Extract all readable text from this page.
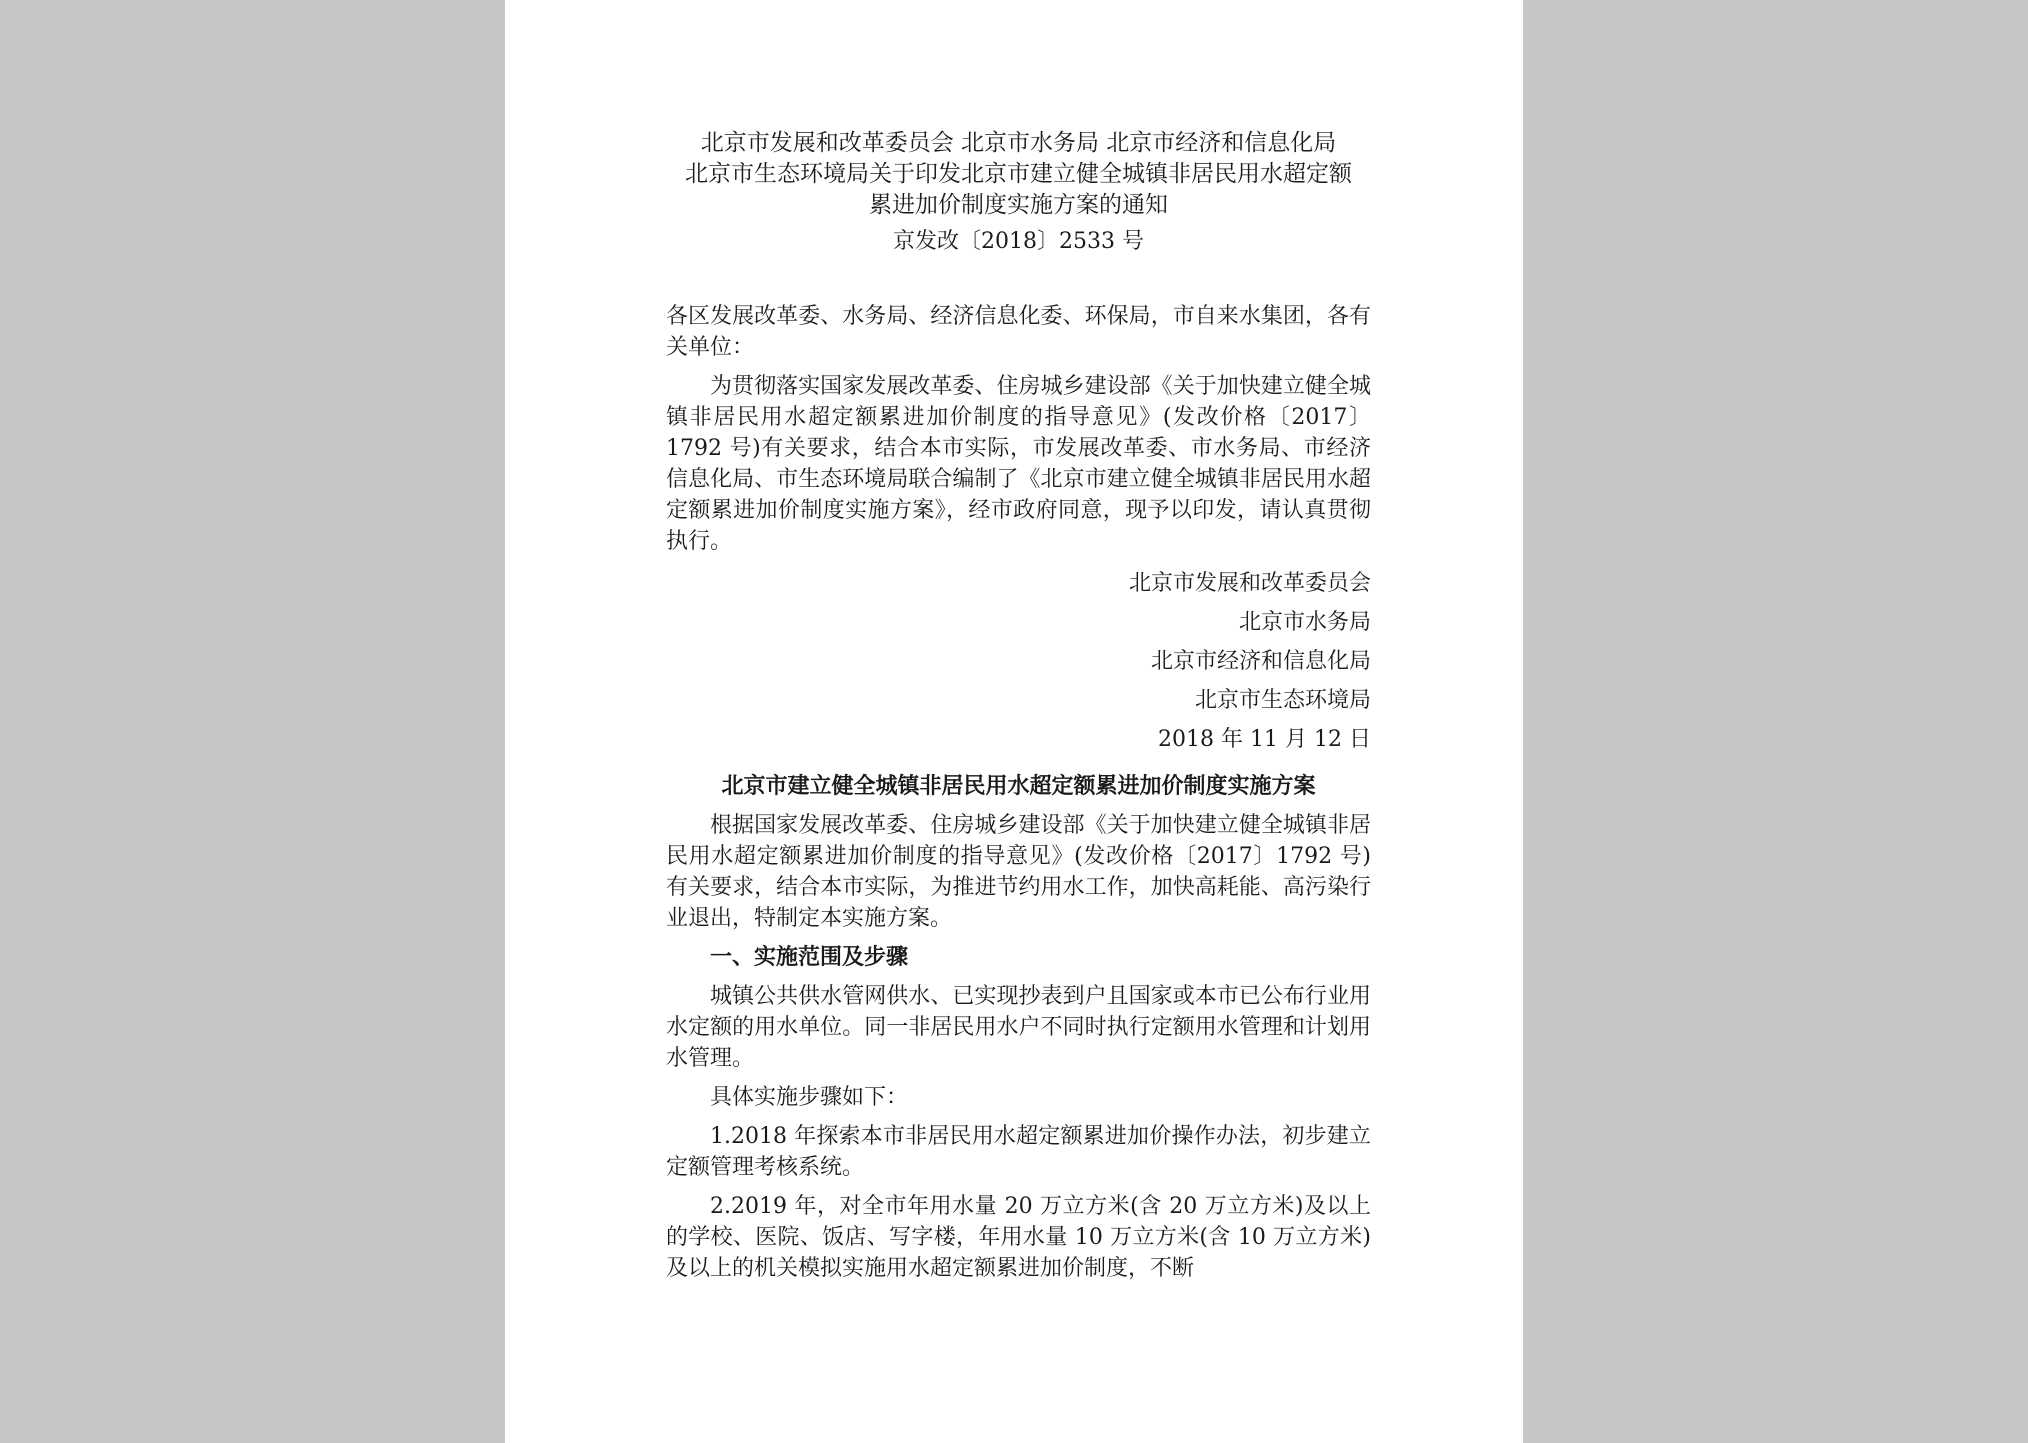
北京市发展和改革委员会 北京市水务局 北京市经济和信息化局

北京市生态环境局关于印发北京市建立健全城镇非居民用水超定额

累进加价制度实施方案的通知

京发改〔2018〕2533 号

各区发展改革委、水务局、经济信息化委、环保局，市自来水集团，各有关单位：

为贯彻落实国家发展改革委、住房城乡建设部《关于加快建立健全城镇非居民用水超定额累进加价制度的指导意见》(发改价格〔2017〕1792 号)有关要求，结合本市实际，市发展改革委、市水务局、市经济信息化局、市生态环境局联合编制了《北京市建立健全城镇非居民用水超定额累进加价制度实施方案》，经市政府同意，现予以印发，请认真贯彻执行。

北京市发展和改革委员会
北京市水务局
北京市经济和信息化局
北京市生态环境局
2018 年 11 月 12 日
北京市建立健全城镇非居民用水超定额累进加价制度实施方案

根据国家发展改革委、住房城乡建设部《关于加快建立健全城镇非居民用水超定额累进加价制度的指导意见》(发改价格〔2017〕1792 号)有关要求，结合本市实际，为推进节约用水工作，加快高耗能、高污染行业退出，特制定本实施方案。

一、实施范围及步骤

城镇公共供水管网供水、已实现抄表到户且国家或本市已公布行业用水定额的用水单位。同一非居民用水户不同时执行定额用水管理和计划用水管理。

具体实施步骤如下：

1.2018 年探索本市非居民用水超定额累进加价操作办法，初步建立定额管理考核系统。

2.2019 年，对全市年用水量 20 万立方米(含 20 万立方米)及以上的学校、医院、饭店、写字楼，年用水量 10 万立方米(含 10 万立方米)及以上的机关模拟实施用水超定额累进加价制度，不断
